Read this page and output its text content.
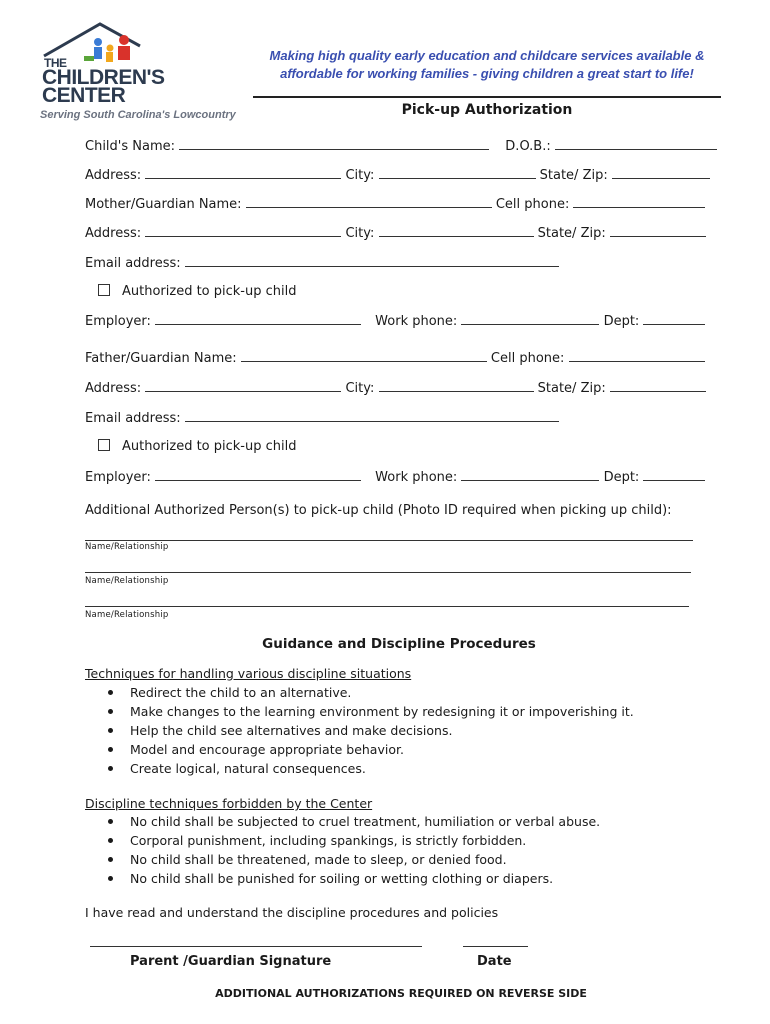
THE
CHILDREN'S
CENTER
Serving South Carolina's Lowcountry
Making high quality early education and childcare services available &
affordable for working families - giving children a great start to life!
Pick-up Authorization
Child's Name:	D.O.B.:
Address:	City:	State/ Zip:
Mother/Guardian Name:	Cell phone:
Address:	City:	State/ Zip:
Email address:
Authorized to pick-up child
Employer:	Work phone:	Dept:
Father/Guardian Name:	Cell phone:
Address:	City:	State/ Zip:
Email address:
Authorized to pick-up child
Employer:	Work phone:	Dept:
Additional Authorized Person(s) to pick-up child (Photo ID required when picking up child):
Name/Relationship
Name/Relationship
Name/Relationship
Guidance and Discipline Procedures
Techniques for handling various discipline situations
Redirect the child to an alternative.
Make changes to the learning environment by redesigning it or impoverishing it.
Help the child see alternatives and make decisions.
Model and encourage appropriate behavior.
Create logical, natural consequences.
Discipline techniques forbidden by the Center
No child shall be subjected to cruel treatment, humiliation or verbal abuse.
Corporal punishment, including spankings, is strictly forbidden.
No child shall be threatened, made to sleep, or denied food.
No child shall be punished for soiling or wetting clothing or diapers.
I have read and understand the discipline procedures and policies
Parent /Guardian Signature	Date
ADDITIONAL AUTHORIZATIONS REQUIRED ON REVERSE SIDE
